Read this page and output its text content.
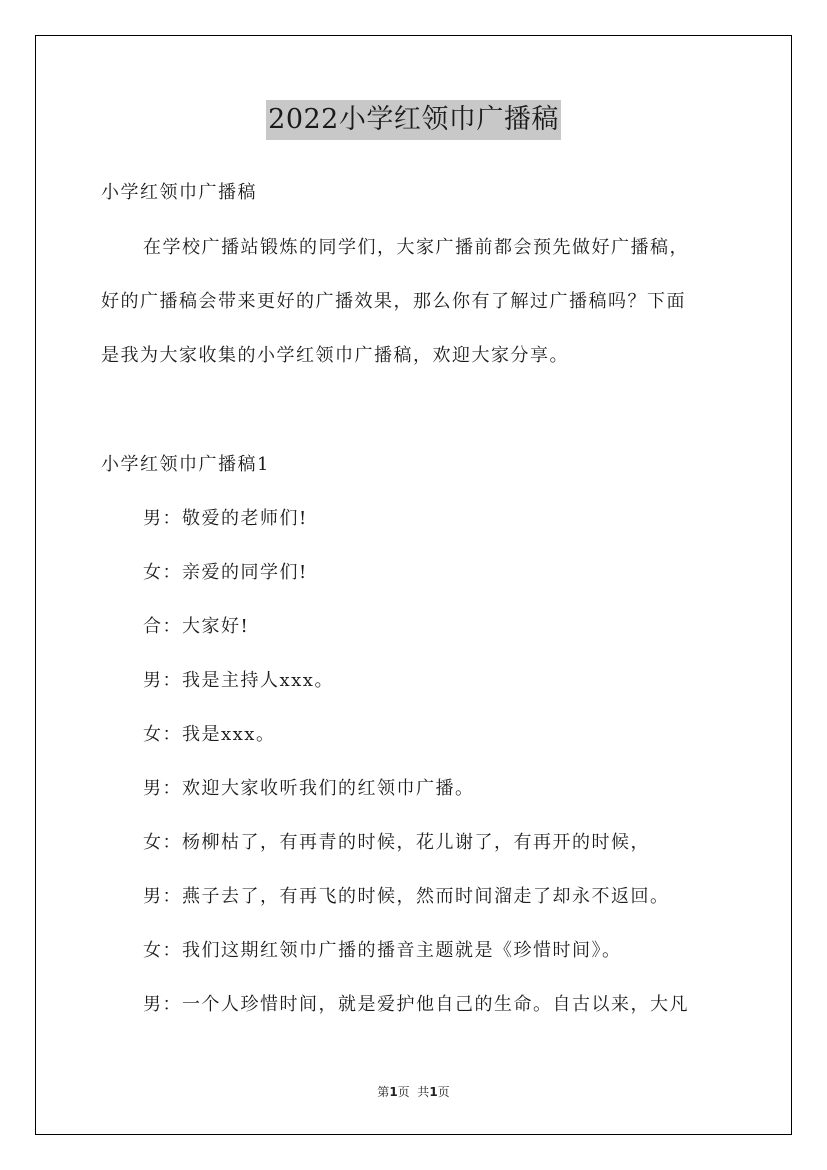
2022小学红领巾广播稿
小学红领巾广播稿
在学校广播站锻炼的同学们，大家广播前都会预先做好广播稿，
好的广播稿会带来更好的广播效果，那么你有了解过广播稿吗？下面
是我为大家收集的小学红领巾广播稿，欢迎大家分享。
小学红领巾广播稿1
男：敬爱的老师们!
女：亲爱的同学们!
合：大家好!
男：我是主持人xxx。
女：我是xxx。
男：欢迎大家收听我们的红领巾广播。
女：杨柳枯了，有再青的时候，花儿谢了，有再开的时候，
男：燕子去了，有再飞的时候，然而时间溜走了却永不返回。
女：我们这期红领巾广播的播音主题就是《珍惜时间》。
男：一个人珍惜时间，就是爱护他自己的生命。自古以来，大凡
第1页  共1页
